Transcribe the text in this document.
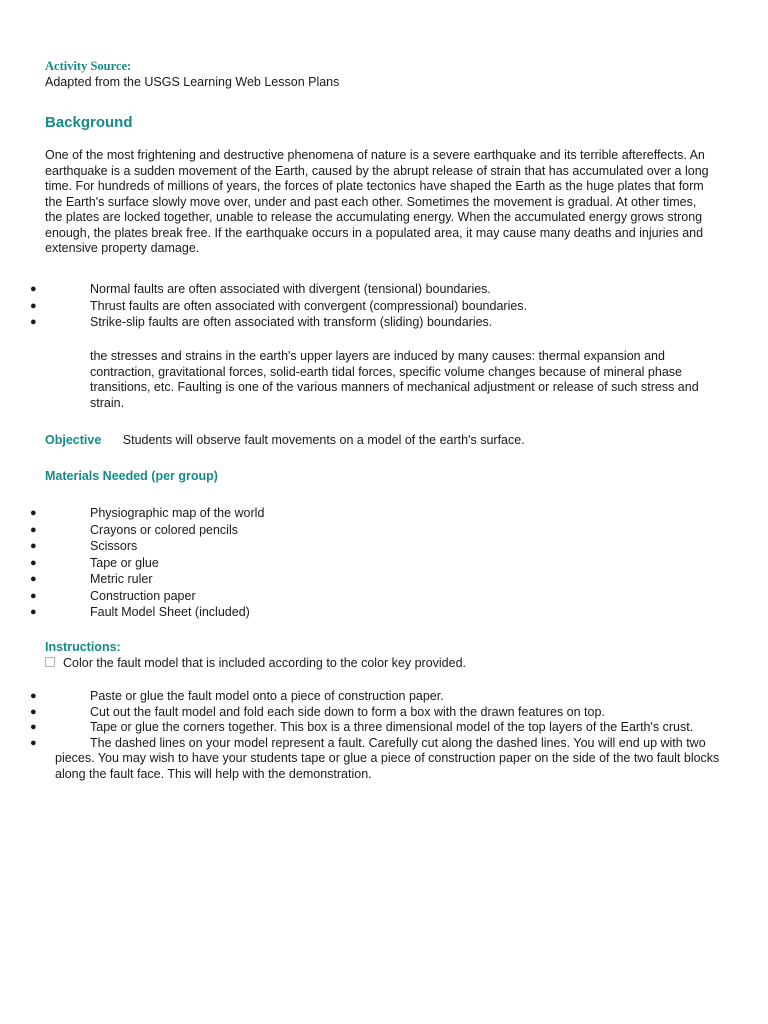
Activity Source:
Adapted from the USGS Learning Web Lesson Plans
Background
One of the most frightening and destructive phenomena of nature is a severe earthquake and its terrible aftereffects. An earthquake is a sudden movement of the Earth, caused by the abrupt release of strain that has accumulated over a long time. For hundreds of millions of years, the forces of plate tectonics have shaped the Earth as the huge plates that form the Earth's surface slowly move over, under and past each other. Sometimes the movement is gradual. At other times, the plates are locked together, unable to release the accumulating energy. When the accumulated energy grows strong enough, the plates break free. If the earthquake occurs in a populated area, it may cause many deaths and injuries and extensive property damage.
●	Normal faults are often associated with divergent (tensional) boundaries.
●	Thrust faults are often associated with convergent (compressional) boundaries.
●	Strike-slip faults are often associated with transform (sliding) boundaries.
the stresses and strains in the earth's upper layers are induced by many causes: thermal expansion and contraction, gravitational forces, solid-earth tidal forces, specific volume changes because of mineral phase transitions, etc. Faulting is one of the various manners of mechanical adjustment or release of such stress and strain.
Objective Students will observe fault movements on a model of the earth's surface.
Materials Needed (per group)
●	Physiographic map of the world
●	Crayons or colored pencils
●	Scissors
●	Tape or glue
●	Metric ruler
●	Construction paper
●	Fault Model Sheet (included)
Instructions:
Color the fault model that is included according to the color key provided.
●	Paste or glue the fault model onto a piece of construction paper.
●	Cut out the fault model and fold each side down to form a box with the drawn features on top.
●	Tape or glue the corners together. This box is a three dimensional model of the top layers of the Earth's crust.
●	The dashed lines on your model represent a fault. Carefully cut along the dashed lines. You will end up with two pieces. You may wish to have your students tape or glue a piece of construction paper on the side of the two fault blocks along the fault face. This will help with the demonstration.
